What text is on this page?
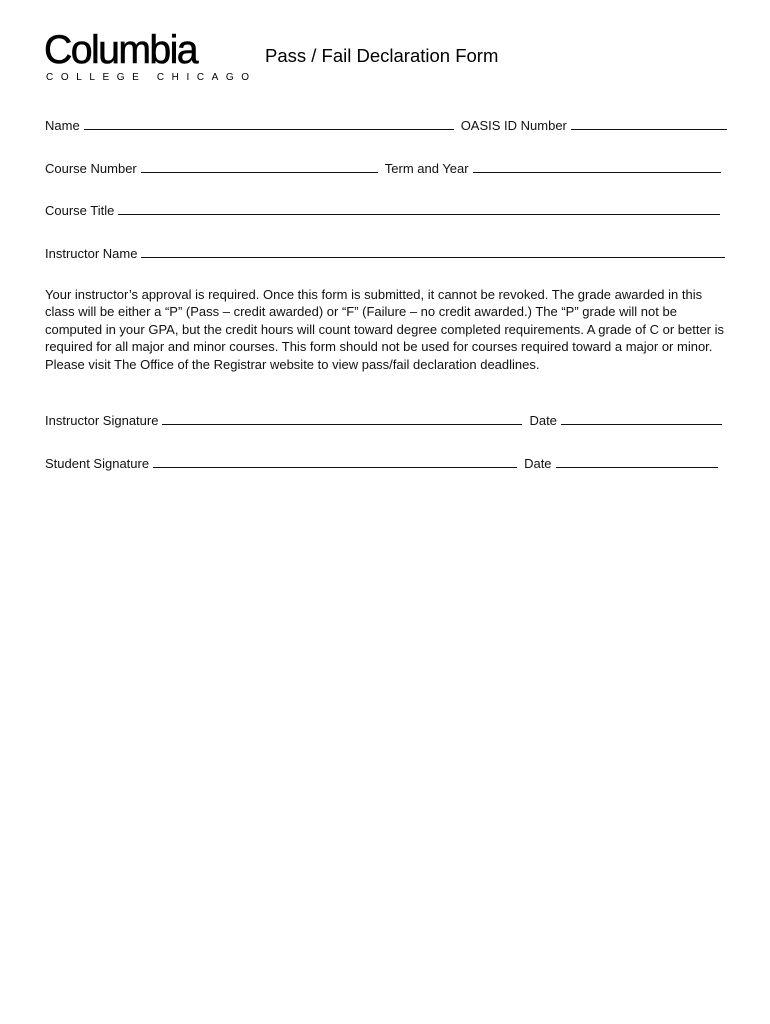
Columbia
COLLEGE CHICAGO
Pass / Fail Declaration Form
Name	OASIS ID Number
Course Number	Term and Year
Course Title
Instructor Name
Your instructor’s approval is required. Once this form is submitted, it cannot be revoked. The grade awarded in this class will be either a “P” (Pass – credit awarded) or “F” (Failure – no credit awarded.) The “P” grade will not be computed in your GPA, but the credit hours will count toward degree completed requirements. A grade of C or better is required for all major and minor courses. This form should not be used for courses required toward a major or minor. Please visit The Office of the Registrar website to view pass/fail declaration deadlines.
Instructor Signature	Date
Student Signature	Date
